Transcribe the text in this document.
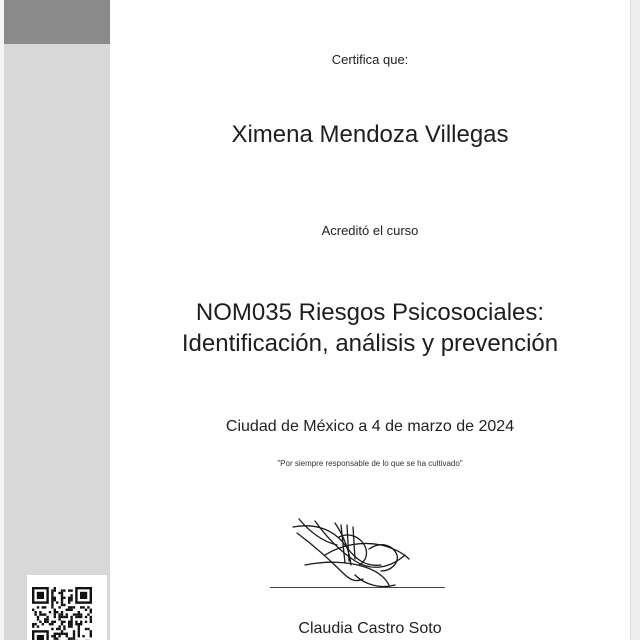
Certifica que:
Ximena Mendoza Villegas
Acreditó el curso
NOM035 Riesgos Psicosociales:
Identificación, análisis y prevención
Ciudad de México a 4 de marzo de 2024
"Por siempre responsable de lo que se ha cultivado"
Claudia Castro Soto
